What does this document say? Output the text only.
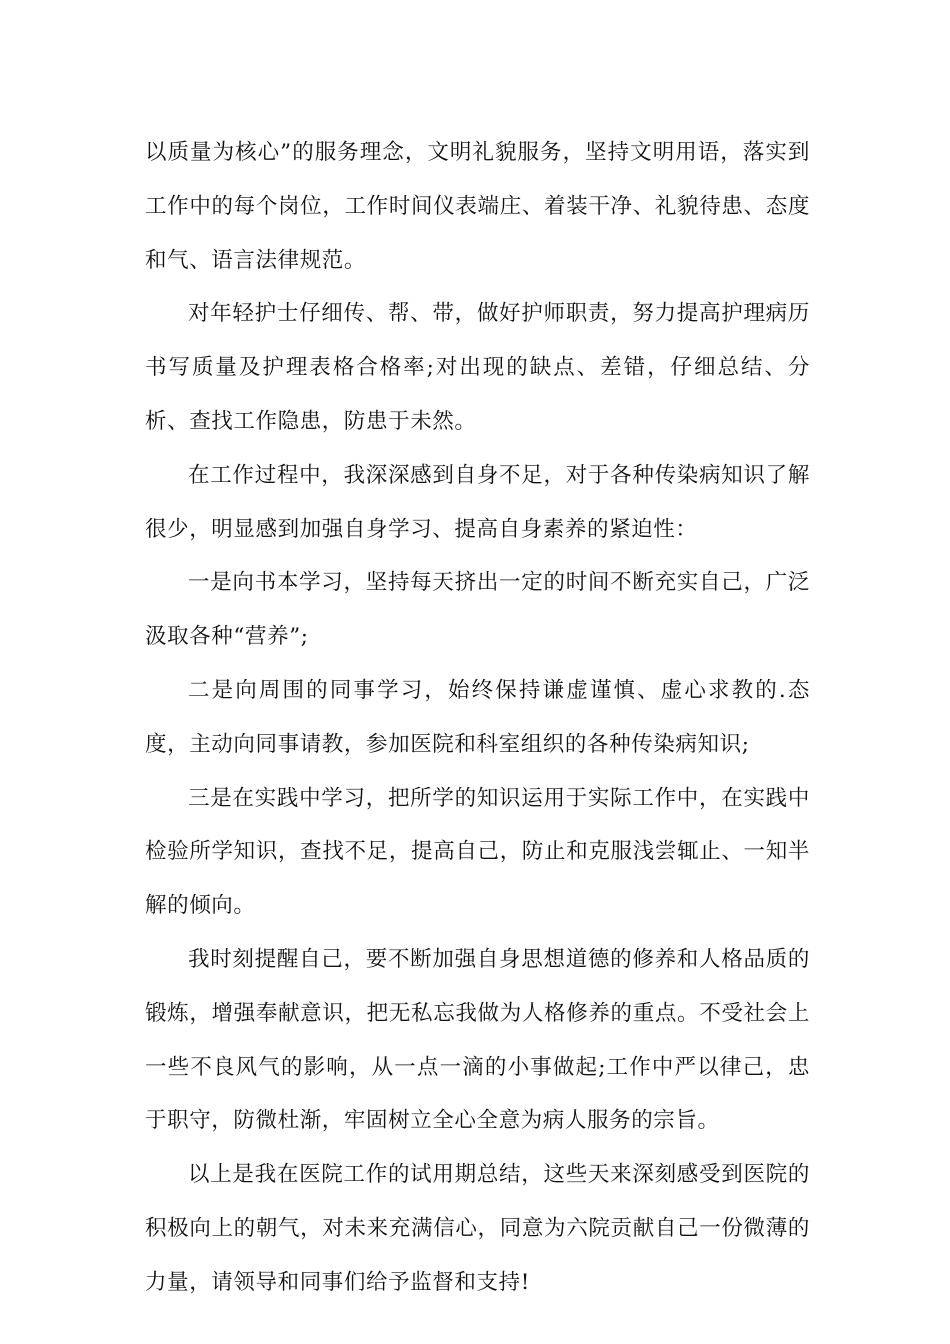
以质量为核心”的服务理念，文明礼貌服务，坚持文明用语，落实到工作中的每个岗位，工作时间仪表端庄、着装干净、礼貌待患、态度和气、语言法律规范。

对年轻护士仔细传、帮、带，做好护师职责，努力提高护理病历书写质量及护理表格合格率;对出现的缺点、差错，仔细总结、分析、查找工作隐患，防患于未然。

在工作过程中，我深深感到自身不足，对于各种传染病知识了解很少，明显感到加强自身学习、提高自身素养的紧迫性：

一是向书本学习，坚持每天挤出一定的时间不断充实自己，广泛汲取各种“营养”;

二是向周围的同事学习，始终保持谦虚谨慎、虚心求教的.态度，主动向同事请教，参加医院和科室组织的各种传染病知识;

三是在实践中学习，把所学的知识运用于实际工作中，在实践中检验所学知识，查找不足，提高自己，防止和克服浅尝辄止、一知半解的倾向。

我时刻提醒自己，要不断加强自身思想道德的修养和人格品质的锻炼，增强奉献意识，把无私忘我做为人格修养的重点。不受社会上一些不良风气的影响，从一点一滴的小事做起;工作中严以律己，忠于职守，防微杜渐，牢固树立全心全意为病人服务的宗旨。

以上是我在医院工作的试用期总结，这些天来深刻感受到医院的积极向上的朝气，对未来充满信心，同意为六院贡献自己一份微薄的力量，请领导和同事们给予监督和支持!
